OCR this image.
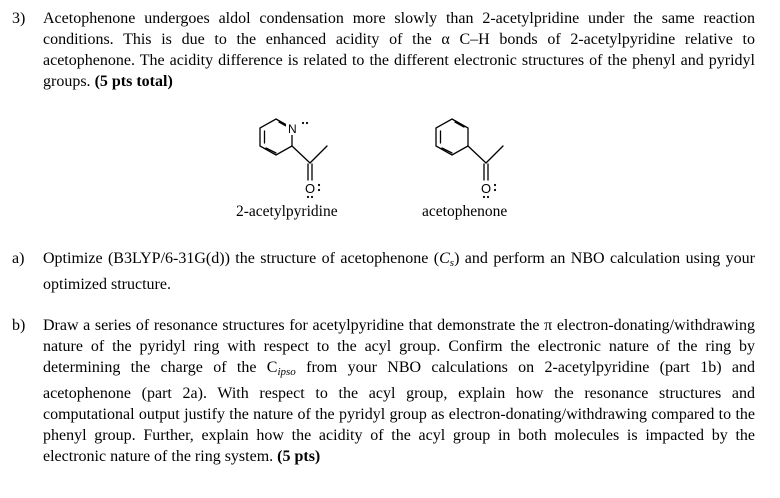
3) Acetophenone undergoes aldol condensation more slowly than 2-acetylpridine under the same reaction conditions. This is due to the enhanced acidity of the α C–H bonds of 2-acetylpyridine relative to acetophenone. The acidity difference is related to the different electronic structures of the phenyl and pyridyl groups. (5 pts total)
N
O	O
2-acetylpyridine	acetophenone
a) Optimize (B3LYP/6-31G(d)) the structure of acetophenone $(C_s)$ and perform an NBO calculation using your optimized structure.
b) Draw a series of resonance structures for acetylpyridine that demonstrate the π electron-donating/withdrawing nature of the pyridyl ring with respect to the acyl group. Confirm the electronic nature of the ring by determining the charge of the $C_{ipso}$ from your NBO calculations on 2-acetylpyridine (part 1b) and acetophenone (part 2a). With respect to the acyl group, explain how the resonance structures and computational output justify the nature of the pyridyl group as electron-donating/withdrawing compared to the phenyl group. Further, explain how the acidity of the acyl group in both molecules is impacted by the electronic nature of the ring system. (5 pts)
